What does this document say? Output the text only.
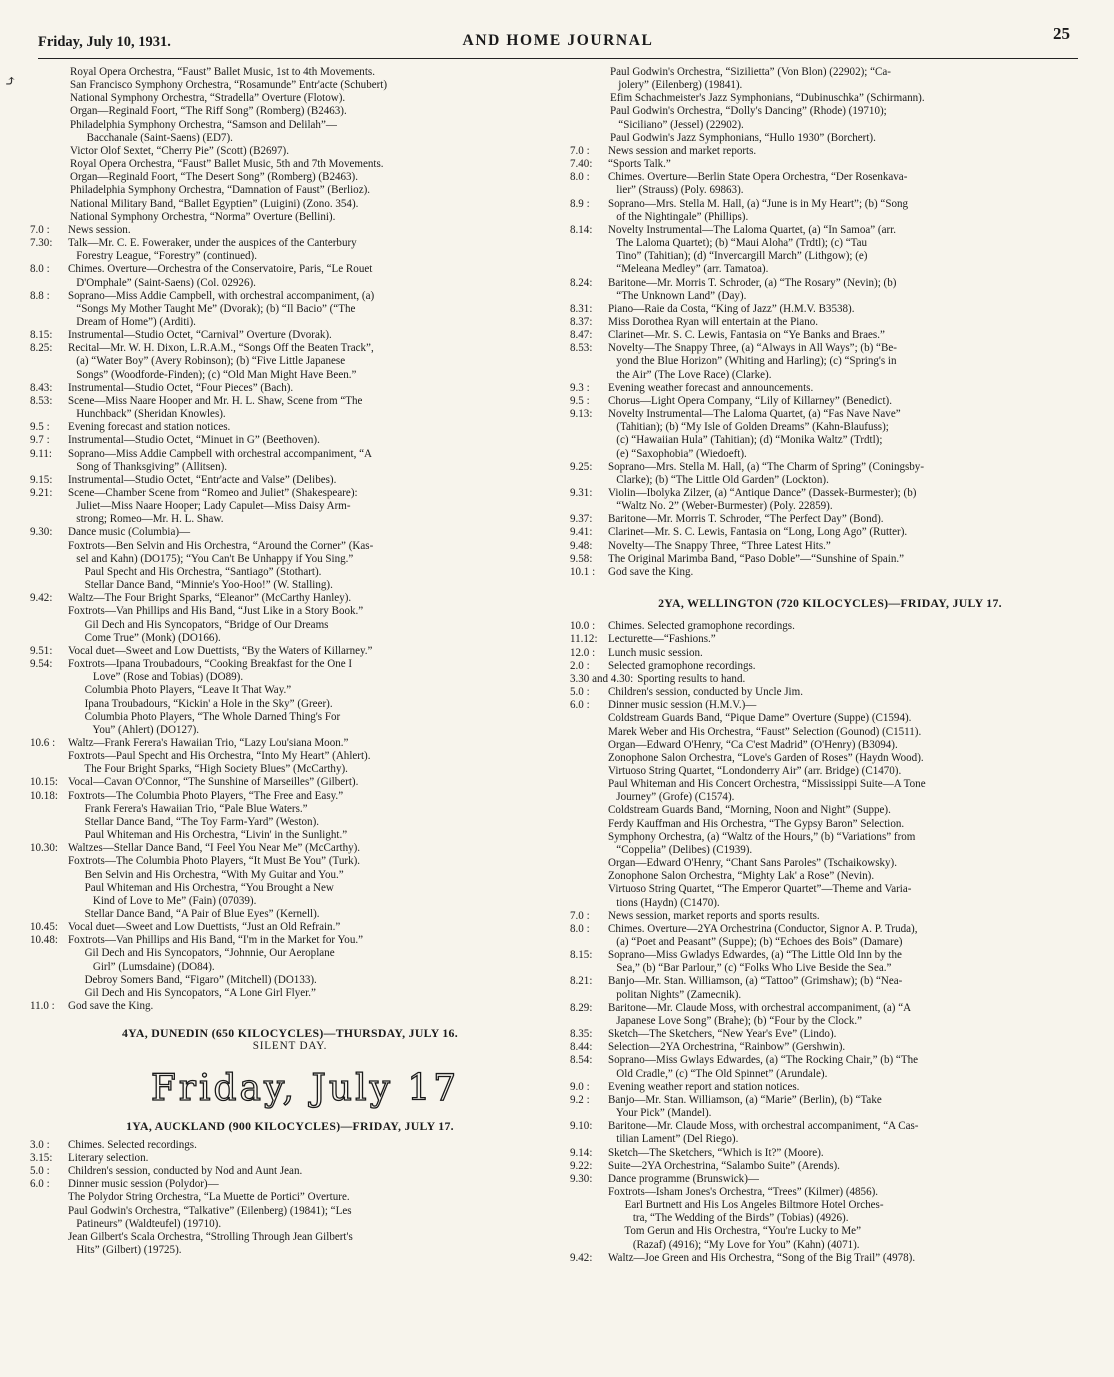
Friday, July 10, 1931.	AND HOME JOURNAL	25
⤴
Royal Opera Orchestra, “Faust” Ballet Music, 1st to 4th Movements.
San Francisco Symphony Orchestra, “Rosamunde” Entr'acte (Schubert)
National Symphony Orchestra, “Stradella” Overture (Flotow).
Organ—Reginald Foort, “The Riff Song” (Romberg) (B2463).
Philadelphia Symphony Orchestra, “Samson and Delilah”—
Bacchanale (Saint-Saens) (ED7).
Victor Olof Sextet, “Cherry Pie” (Scott) (B2697).
Royal Opera Orchestra, “Faust” Ballet Music, 5th and 7th Movements.
Organ—Reginald Foort, “The Desert Song” (Romberg) (B2463).
Philadelphia Symphony Orchestra, “Damnation of Faust” (Berlioz).
National Military Band, “Ballet Egyptien” (Luigini) (Zono. 354).
National Symphony Orchestra, “Norma” Overture (Bellini).
7.0 :	News session.
7.30:	Talk—Mr. C. E. Foweraker, under the auspices of the Canterbury
Forestry League, “Forestry” (continued).
8.0 :	Chimes. Overture—Orchestra of the Conservatoire, Paris, “Le Rouet
D'Omphale” (Saint-Saens) (Col. 02926).
8.8 :	Soprano—Miss Addie Campbell, with orchestral accompaniment, (a)
“Songs My Mother Taught Me” (Dvorak); (b) “Il Bacio” (“The
Dream of Home”) (Arditi).
8.15:	Instrumental—Studio Octet, “Carnival” Overture (Dvorak).
8.25:	Recital—Mr. W. H. Dixon, L.R.A.M., “Songs Off the Beaten Track”,
(a) “Water Boy” (Avery Robinson); (b) “Five Little Japanese
Songs” (Woodforde-Finden); (c) “Old Man Might Have Been.”
8.43:	Instrumental—Studio Octet, “Four Pieces” (Bach).
8.53:	Scene—Miss Naare Hooper and Mr. H. L. Shaw, Scene from “The
Hunchback” (Sheridan Knowles).
9.5 :	Evening forecast and station notices.
9.7 :	Instrumental—Studio Octet, “Minuet in G” (Beethoven).
9.11:	Soprano—Miss Addie Campbell with orchestral accompaniment, “A
Song of Thanksgiving” (Allitsen).
9.15:	Instrumental—Studio Octet, “Entr'acte and Valse” (Delibes).
9.21:	Scene—Chamber Scene from “Romeo and Juliet” (Shakespeare):
Juliet—Miss Naare Hooper; Lady Capulet—Miss Daisy Arm-
strong; Romeo—Mr. H. L. Shaw.
9.30:	Dance music (Columbia)—
Foxtrots—Ben Selvin and His Orchestra, “Around the Corner” (Kas-
sel and Kahn) (DO175); “You Can't Be Unhappy if You Sing.”
Paul Specht and His Orchestra, “Santiago” (Stothart).
Stellar Dance Band, “Minnie's Yoo-Hoo!” (W. Stalling).
9.42:	Waltz—The Four Bright Sparks, “Eleanor” (McCarthy Hanley).
Foxtrots—Van Phillips and His Band, “Just Like in a Story Book.”
Gil Dech and His Syncopators, “Bridge of Our Dreams
Come True” (Monk) (DO166).
9.51:	Vocal duet—Sweet and Low Duettists, “By the Waters of Killarney.”
9.54:	Foxtrots—Ipana Troubadours, “Cooking Breakfast for the One I
Love” (Rose and Tobias) (DO89).
Columbia Photo Players, “Leave It That Way.”
Ipana Troubadours, “Kickin' a Hole in the Sky” (Greer).
Columbia Photo Players, “The Whole Darned Thing's For
You” (Ahlert) (DO127).
10.6 :	Waltz—Frank Ferera's Hawaiian Trio, “Lazy Lou'siana Moon.”
Foxtrots—Paul Specht and His Orchestra, “Into My Heart” (Ahlert).
The Four Bright Sparks, “High Society Blues” (McCarthy).
10.15: Vocal—Cavan O'Connor, “The Sunshine of Marseilles” (Gilbert).
10.18: Foxtrots—The Columbia Photo Players, “The Free and Easy.”
Frank Ferera's Hawaiian Trio, “Pale Blue Waters.”
Stellar Dance Band, “The Toy Farm-Yard” (Weston).
Paul Whiteman and His Orchestra, “Livin' in the Sunlight.”
10.30: Waltzes—Stellar Dance Band, “I Feel You Near Me” (McCarthy).
Foxtrots—The Columbia Photo Players, “It Must Be You” (Turk).
Ben Selvin and His Orchestra, “With My Guitar and You.”
Paul Whiteman and His Orchestra, “You Brought a New
Kind of Love to Me” (Fain) (07039).
Stellar Dance Band, “A Pair of Blue Eyes” (Kernell).
10.45: Vocal duet—Sweet and Low Duettists, “Just an Old Refrain.”
10.48: Foxtrots—Van Phillips and His Band, “I'm in the Market for You.”
Gil Dech and His Syncopators, “Johnnie, Our Aeroplane
Girl” (Lumsdaine) (DO84).
Debroy Somers Band, “Figaro” (Mitchell) (DO133).
Gil Dech and His Syncopators, “A Lone Girl Flyer.”
11.0 :	God save the King.
4YA, DUNEDIN (650 KILOCYCLES)—THURSDAY, JULY 16.
SILENT DAY.
Friday, July 17
1YA, AUCKLAND (900 KILOCYCLES)—FRIDAY, JULY 17.
3.0 :	Chimes. Selected recordings.
3.15:	Literary selection.
5.0 :	Children's session, conducted by Nod and Aunt Jean.
6.0 :	Dinner music session (Polydor)—
The Polydor String Orchestra, “La Muette de Portici” Overture.
Paul Godwin's Orchestra, “Talkative” (Eilenberg) (19841); “Les
Patineurs” (Waldteufel) (19710).
Jean Gilbert's Scala Orchestra, “Strolling Through Jean Gilbert's
Hits” (Gilbert) (19725).
Paul Godwin's Orchestra, “Sizilietta” (Von Blon) (22902); “Ca-
jolery” (Eilenberg) (19841).
Efim Schachmeister's Jazz Symphonians, “Dubinuschka” (Schirmann).
Paul Godwin's Orchestra, “Dolly's Dancing” (Rhode) (19710);
“Siciliano” (Jessel) (22902).
Paul Godwin's Jazz Symphonians, “Hullo 1930” (Borchert).
7.0 :	News session and market reports.
7.40:	“Sports Talk.”
8.0 :	Chimes. Overture—Berlin State Opera Orchestra, “Der Rosenkava-
lier” (Strauss) (Poly. 69863).
8.9 :	Soprano—Mrs. Stella M. Hall, (a) “June is in My Heart”; (b) “Song
of the Nightingale” (Phillips).
8.14:	Novelty Instrumental—The Laloma Quartet, (a) “In Samoa” (arr.
The Laloma Quartet); (b) “Maui Aloha” (Trdtl); (c) “Tau
Tino” (Tahitian); (d) “Invercargill March” (Lithgow); (e)
“Meleana Medley” (arr. Tamatoa).
8.24:	Baritone—Mr. Morris T. Schroder, (a) “The Rosary” (Nevin); (b)
“The Unknown Land” (Day).
8.31:	Piano—Raie da Costa, “King of Jazz” (H.M.V. B3538).
8.37:	Miss Dorothea Ryan will entertain at the Piano.
8.47:	Clarinet—Mr. S. C. Lewis, Fantasia on “Ye Banks and Braes.”
8.53:	Novelty—The Snappy Three, (a) “Always in All Ways”; (b) “Be-
yond the Blue Horizon” (Whiting and Harling); (c) “Spring's in
the Air” (The Love Race) (Clarke).
9.3 :	Evening weather forecast and announcements.
9.5 :	Chorus—Light Opera Company, “Lily of Killarney” (Benedict).
9.13:	Novelty Instrumental—The Laloma Quartet, (a) “Fas Nave Nave”
(Tahitian); (b) “My Isle of Golden Dreams” (Kahn-Blaufuss);
(c) “Hawaiian Hula” (Tahitian); (d) “Monika Waltz” (Trdtl);
(e) “Saxophobia” (Wiedoeft).
9.25:	Soprano—Mrs. Stella M. Hall, (a) “The Charm of Spring” (Coningsby-
Clarke); (b) “The Little Old Garden” (Lockton).
9.31:	Violin—Ibolyka Zilzer, (a) “Antique Dance” (Dassek-Burmester); (b)
“Waltz No. 2” (Weber-Burmester) (Poly. 22859).
9.37:	Baritone—Mr. Morris T. Schroder, “The Perfect Day” (Bond).
9.41:	Clarinet—Mr. S. C. Lewis, Fantasia on “Long, Long Ago” (Rutter).
9.48:	Novelty—The Snappy Three, “Three Latest Hits.”
9.58:	The Original Marimba Band, “Paso Doble”—“Sunshine of Spain.”
10.1 :	God save the King.
2YA, WELLINGTON (720 KILOCYCLES)—FRIDAY, JULY 17.
10.0 :	Chimes. Selected gramophone recordings.
11.12: Lecturette—“Fashions.”
12.0 :	Lunch music session.
2.0 :	Selected gramophone recordings.
3.30 and 4.30: Sporting results to hand.
5.0 :	Children's session, conducted by Uncle Jim.
6.0 :	Dinner music session (H.M.V.)—
Coldstream Guards Band, “Pique Dame” Overture (Suppe) (C1594).
Marek Weber and His Orchestra, “Faust” Selection (Gounod) (C1511).
Organ—Edward O'Henry, “Ca C'est Madrid” (O'Henry) (B3094).
Zonophone Salon Orchestra, “Love's Garden of Roses” (Haydn Wood).
Virtuoso String Quartet, “Londonderry Air” (arr. Bridge) (C1470).
Paul Whiteman and His Concert Orchestra, “Mississippi Suite—A Tone
Journey” (Grofe) (C1574).
Coldstream Guards Band, “Morning, Noon and Night” (Suppe).
Ferdy Kauffman and His Orchestra, “The Gypsy Baron” Selection.
Symphony Orchestra, (a) “Waltz of the Hours,” (b) “Variations” from
“Coppelia” (Delibes) (C1939).
Organ—Edward O'Henry, “Chant Sans Paroles” (Tschaikowsky).
Zonophone Salon Orchestra, “Mighty Lak' a Rose” (Nevin).
Virtuoso String Quartet, “The Emperor Quartet”—Theme and Varia-
tions (Haydn) (C1470).
7.0 :	News session, market reports and sports results.
8.0 :	Chimes. Overture—2YA Orchestrina (Conductor, Signor A. P. Truda),
(a) “Poet and Peasant” (Suppe); (b) “Echoes des Bois” (Damare)
8.15:	Soprano—Miss Gwladys Edwardes, (a) “The Little Old Inn by the
Sea,” (b) “Bar Parlour,” (c) “Folks Who Live Beside the Sea.”
8.21:	Banjo—Mr. Stan. Williamson, (a) “Tattoo” (Grimshaw); (b) “Nea-
politan Nights” (Zamecnik).
8.29:	Baritone—Mr. Claude Moss, with orchestral accompaniment, (a) “A
Japanese Love Song” (Brahe); (b) “Four by the Clock.”
8.35:	Sketch—The Sketchers, “New Year's Eve” (Lindo).
8.44:	Selection—2YA Orchestrina, “Rainbow” (Gershwin).
8.54:	Soprano—Miss Gwlays Edwardes, (a) “The Rocking Chair,” (b) “The
Old Cradle,” (c) “The Old Spinnet” (Arundale).
9.0 :	Evening weather report and station notices.
9.2 :	Banjo—Mr. Stan. Williamson, (a) “Marie” (Berlin), (b) “Take
Your Pick” (Mandel).
9.10:	Baritone—Mr. Claude Moss, with orchestral accompaniment, “A Cas-
tilian Lament” (Del Riego).
9.14:	Sketch—The Sketchers, “Which is It?” (Moore).
9.22:	Suite—2YA Orchestrina, “Salambo Suite” (Arends).
9.30:	Dance programme (Brunswick)—
Foxtrots—Isham Jones's Orchestra, “Trees” (Kilmer) (4856).
Earl Burtnett and His Los Angeles Biltmore Hotel Orches-
tra, “The Wedding of the Birds” (Tobias) (4926).
Tom Gerun and His Orchestra, “You're Lucky to Me”
(Razaf) (4916); “My Love for You” (Kahn) (4071).
9.42:	Waltz—Joe Green and His Orchestra, “Song of the Big Trail” (4978).
